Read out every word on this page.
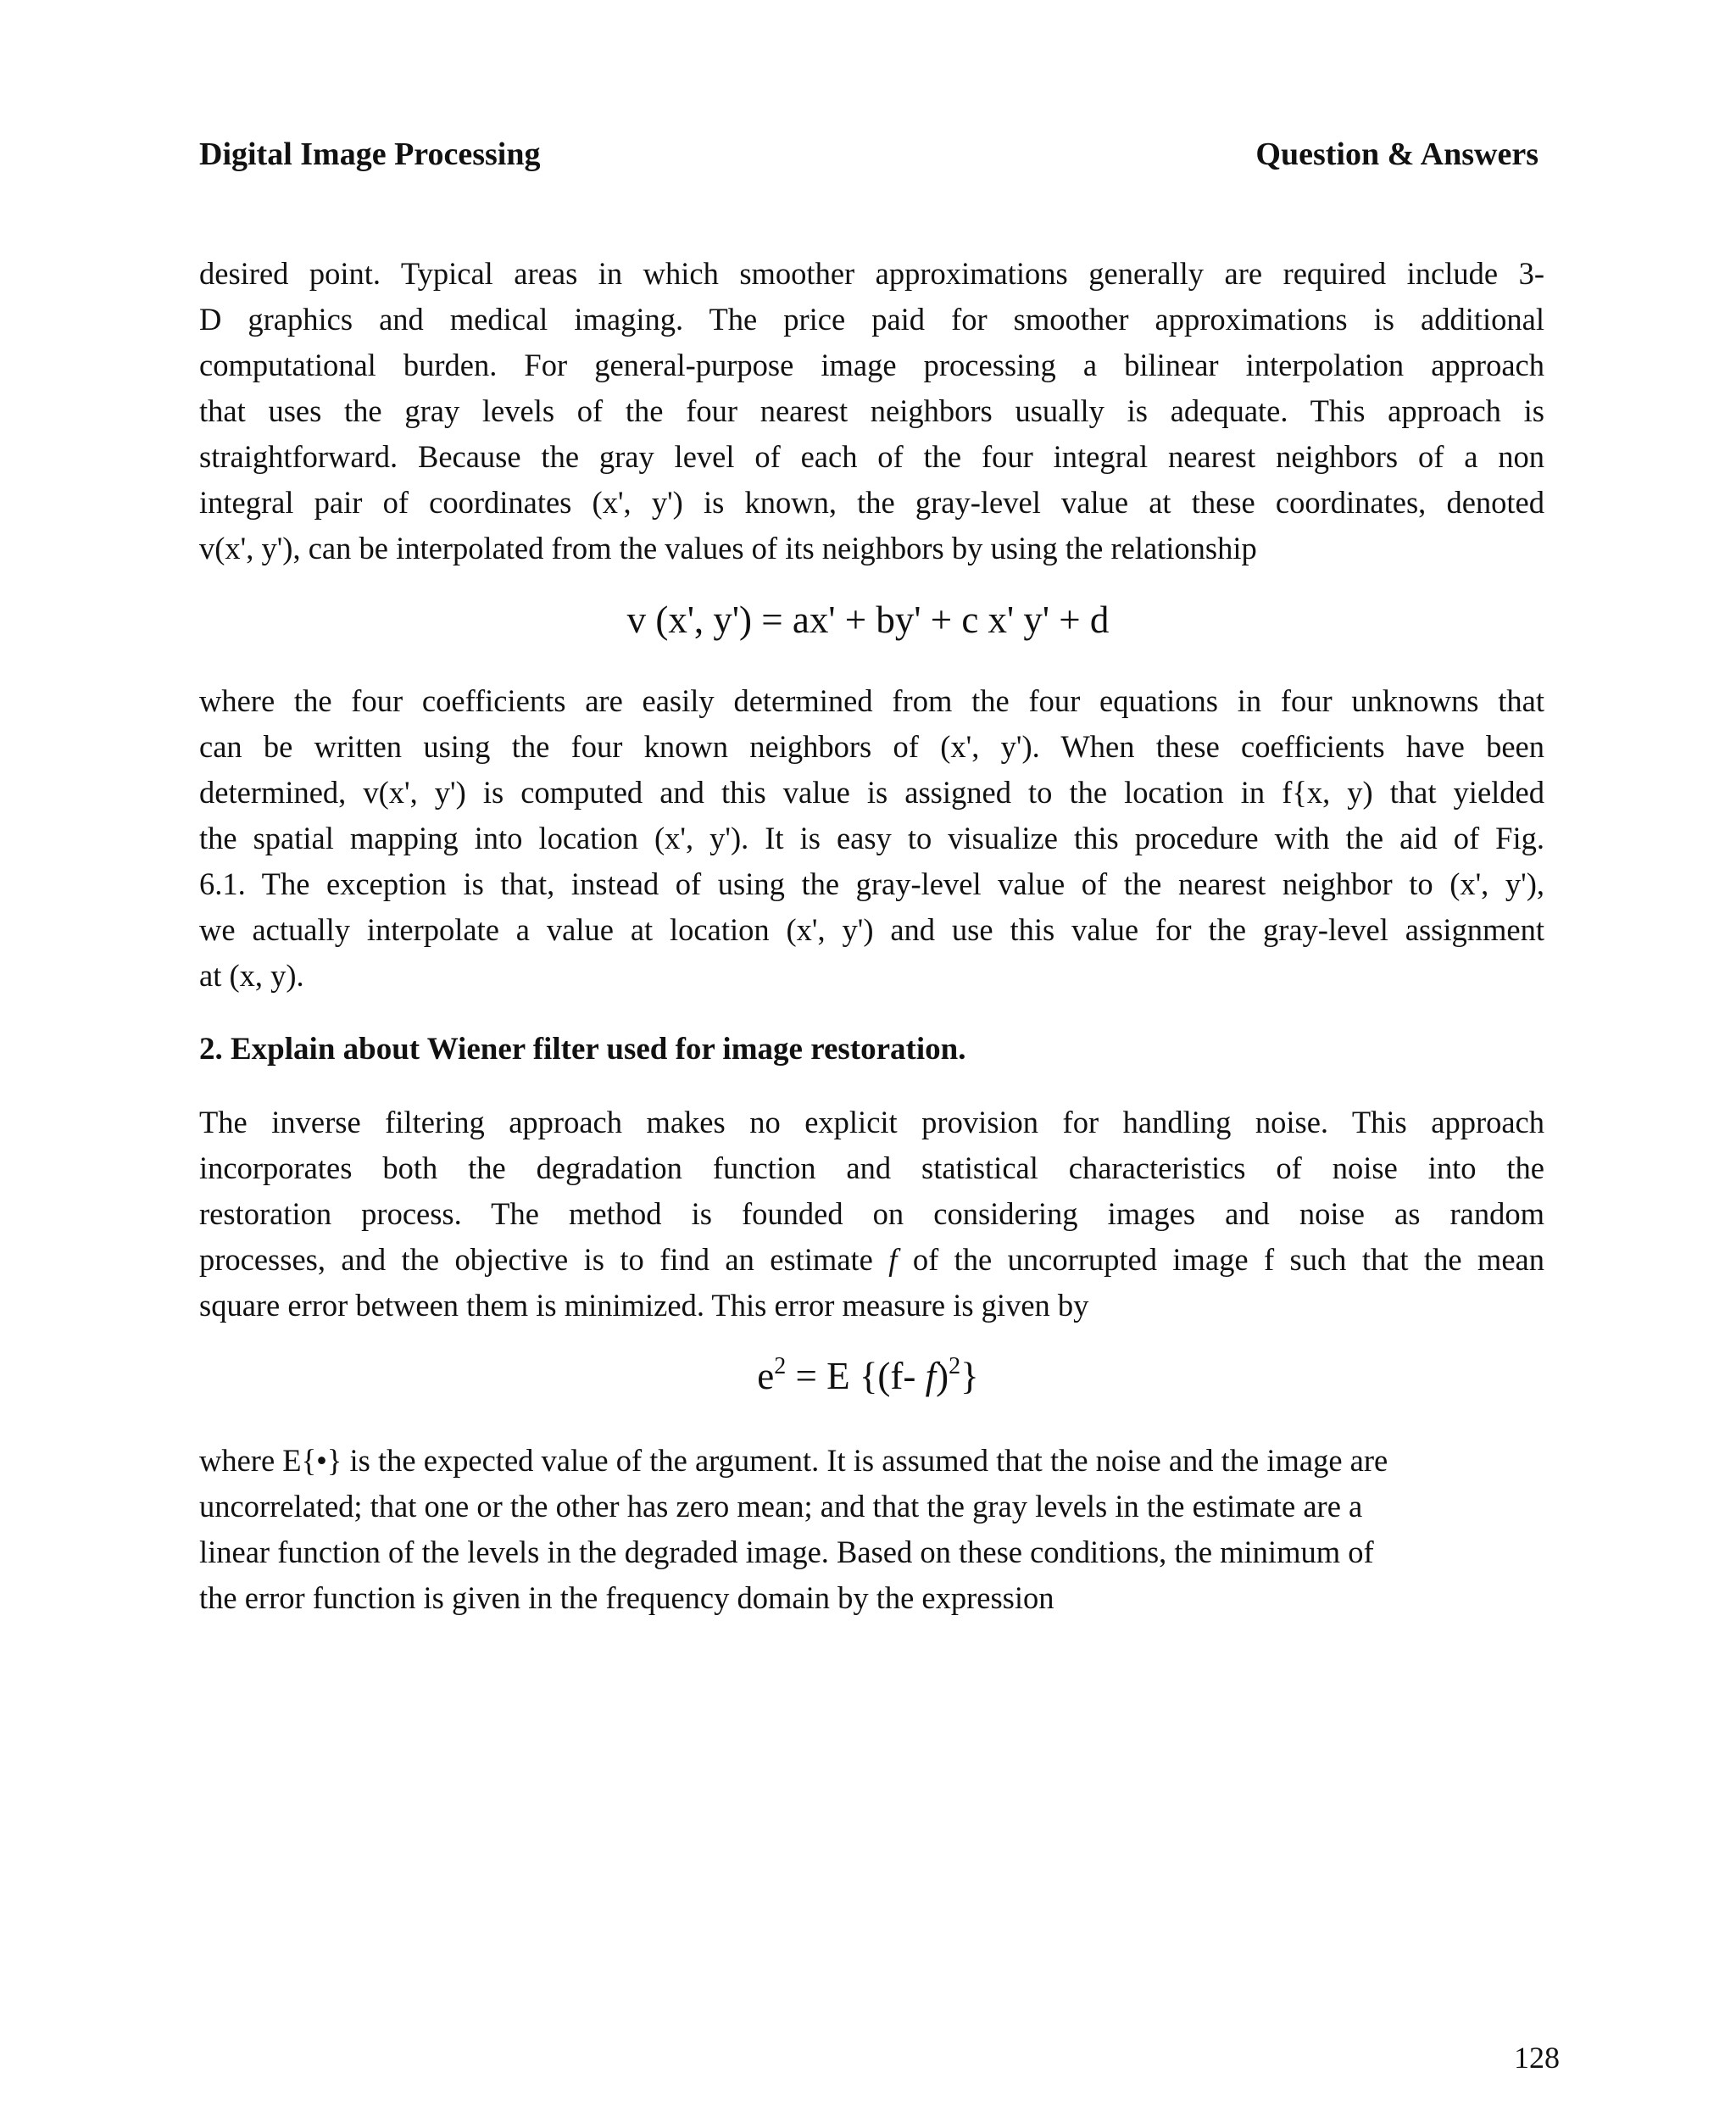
Digital Image Processing	Question & Answers
desired point. Typical areas in which smoother approximations generally are required include 3-
D graphics and medical imaging. The price paid for smoother approximations is additional
computational burden. For general-purpose image processing a bilinear interpolation approach
that uses the gray levels of the four nearest neighbors usually is adequate. This approach is
straightforward. Because the gray level of each of the four integral nearest neighbors of a non
integral pair of coordinates (x', y') is known, the gray-level value at these coordinates, denoted
v(x', y'), can be interpolated from the values of its neighbors by using the relationship
v (x', y') = ax' + by' + c x' y' + d
where the four coefficients are easily determined from the four equations in four unknowns that
can be written using the four known neighbors of (x', y'). When these coefficients have been
determined, v(x', y') is computed and this value is assigned to the location in f{x, y) that yielded
the spatial mapping into location (x', y'). It is easy to visualize this procedure with the aid of Fig.
6.1. The exception is that, instead of using the gray-level value of the nearest neighbor to (x', y'),
we actually interpolate a value at location (x', y') and use this value for the gray-level assignment
at (x, y).
2. Explain about Wiener filter used for image restoration.
The inverse filtering approach makes no explicit provision for handling noise. This approach
incorporates both the degradation function and statistical characteristics of noise into the
restoration process. The method is founded on considering images and noise as random
processes, and the objective is to find an estimate f of the uncorrupted image f such that the mean
square error between them is minimized. This error measure is given by
$e^2 = E$ {(f- f)$^2$}
where E{•} is the expected value of the argument. It is assumed that the noise and the image are
uncorrelated; that one or the other has zero mean; and that the gray levels in the estimate are a
linear function of the levels in the degraded image. Based on these conditions, the minimum of
the error function is given in the frequency domain by the expression
128
